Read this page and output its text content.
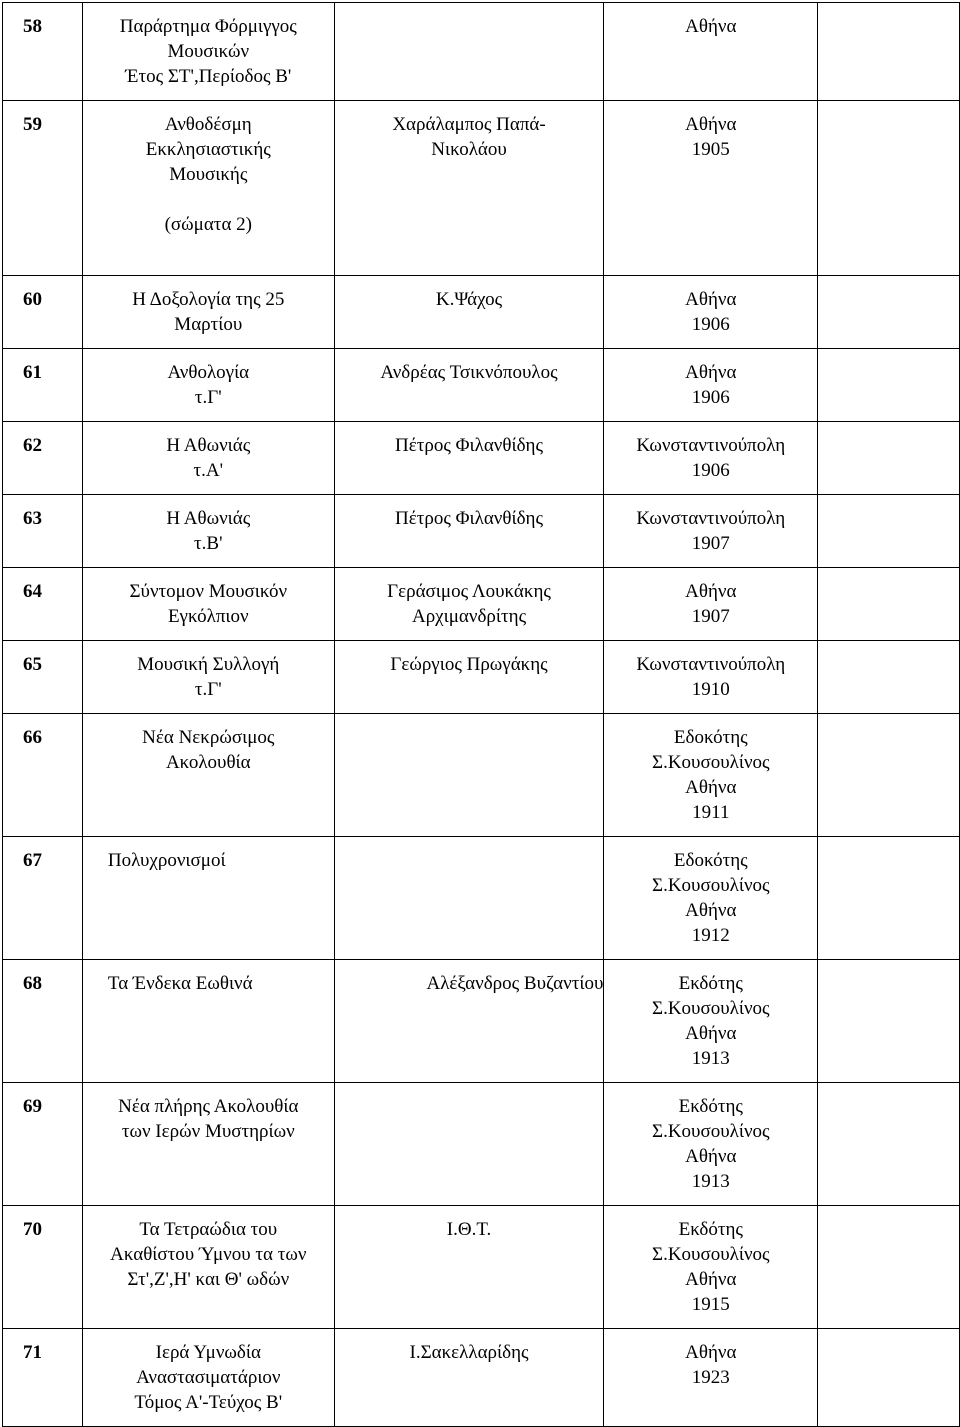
58	Παράρτημα Φόρμιγγος
Μουσικών
Έτος ΣΤ',Περίοδος Β'		Αθήνα	
59	Ανθοδέσμη
Εκκλησιαστικής
Μουσικής
(σώματα 2)	Χαράλαμπος Παπά-
Νικολάου	Αθήνα
1905	
60	Η Δοξολογία της 25
Μαρτίου	Κ.Ψάχος	Αθήνα
1906	
61	Ανθολογία
τ.Γ'	Ανδρέας Τσικνόπουλος	Αθήνα
1906	
62	Η Αθωνιάς
τ.Α'	Πέτρος Φιλανθίδης	Κωνσταντινούπολη
1906	
63	Η Αθωνιάς
τ.Β'	Πέτρος Φιλανθίδης	Κωνσταντινούπολη
1907	
64	Σύντομον Μουσικόν
Εγκόλπιον	Γεράσιμος Λουκάκης
Αρχιμανδρίτης	Αθήνα
1907	
65	Μουσική Συλλογή
τ.Γ'	Γεώργιος Πρωγάκης	Κωνσταντινούπολη
1910	
66	Νέα Νεκρώσιμος
Ακολουθία		Εδοκότης
Σ.Κουσουλίνος
Αθήνα
1911	
67	Πολυχρονισμοί		Εδοκότης
Σ.Κουσουλίνος
Αθήνα
1912	
68	Τα Ένδεκα Εωθινά	Αλέξανδρος Βυζαντίου	Εκδότης
Σ.Κουσουλίνος
Αθήνα
1913	
69	Νέα πλήρης Ακολουθία
των Ιερών Μυστηρίων		Εκδότης
Σ.Κουσουλίνος
Αθήνα
1913	
70	Τα Τετραώδια του
Ακαθίστου Ύμνου τα των
Στ',Ζ',Η' και Θ' ωδών	Ι.Θ.Τ.	Εκδότης
Σ.Κουσουλίνος
Αθήνα
1915	
71	Ιερά Υμνωδία
Αναστασιματάριον
Τόμος Α'-Τεύχος Β'	Ι.Σακελλαρίδης	Αθήνα
1923	
